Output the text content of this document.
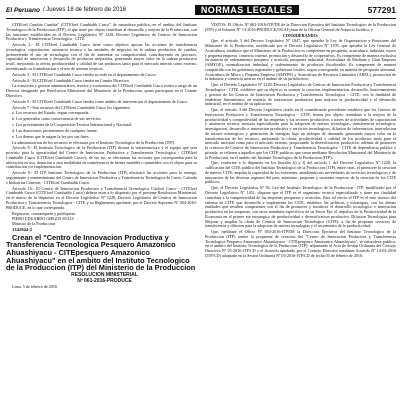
El Peruano / Jueves 18 de febrero de 2016	NORMAS LEGALES	577291

CITEfoel Cumbia Cumbia" (CITEfoel Cumbiabb Cusco" de naturaleza publica, en el ambito del Instituto Tecnologico de la Produccion (ITP), el que tiene por objeto contribuir al desarrollo y mejora de la Produccion, con las funciones establecidas en el Decreto Legislativo Nº 1228, Decreto Legislativo de Centros de Innovacion Productiva y Transferencia Tecnologica - CITE.

Articulo 2.- El CITEfoel Cumbiabb Cusco tiene como objetivo apoyar las acciones de transferencia tecnologica, capacitacion, asistencia tecnica a las unidades de negocios en la cadena productiva de cumbia, promoviendo el uso de tecnologias con el fin de aumentar su competitividad, contribuyendo en procesos, capacidad de innovacion y desarrollo de productos mejorados, generando mayor valor en la cadena productiva textil, mejorando la oferta, productividad y calidad de sus productos tanto para el mercado interno como externo, incentivando su formalizacion y el uso de normas tecnicas.

Articulo 3.- El CITEfoel Cumbiabb Cusco tendra su sede en el departamento de Cusco.

Articulo 4.- El CITEfoel Cumbiabb Cusco tendra un Comite Directivo.

La estructura y gestion administrativa, tecnica y economica del CITEfoel Cumbiabb Cusco estara a cargo de un Director designado por Resolucion Ministerial del Ministerio de la Produccion, quien participara en el Comite Directivo.

Articulo 5.- El CITEfoel Cumbiabb Cusco tendra como ambito de intervencion el departamento de Cusco.

Articulo 7.- Son recursos del CITEfoel Cumbiabb Cusco los siguientes:

a. Los recursos del Estado, segun corresponda.

b. Los generados como consecuencia de sus servicios.

c. Los provenientes de la Cooperacion Tecnica Internacional y Nacional.

d. Las donaciones provenientes de cualquier fuente.

e. Los demas que le asigne la ley por sus fines.

La administracion de los recursos se efectuara por el Instituto Tecnologico de la Produccion (ITP).

Articulo 8.- El Instituto Tecnologico de la Produccion (ITP) dictara la infraestructura y el equipo que sera provisto para la operatividad del Centro de Innovacion Productiva y Transferencia Tecnologica - CITEfoel Cumbiabb Cusco (CITEfoel Cumbiabb Cusco); de ser asi, se efectuaran las acciones que correspondan para la afectacion en uso, donacion u otra modalidad de transferencia de bienes muebles o inmuebles con el objeto para su contribucion y/o implementacion.

Articulo 9.- El ITP Instituto Tecnologico de la Produccion (ITP) efectuara las acciones para la entrega, seguimiento y mantenimiento del Centro de Innovacion Productiva y Transferencia Tecnologica de Cuero, Calzado e Industrias Conexas - CITEfoel Cumbiabb Cusco.

Articulo 10.- El Centro de Innovacion Productiva y Transferencia Tecnologica Citefoel Cusco - CITEfoel Cumbiabb Cusco (CITEfoel Cumbiabb Cusco) debera estar a lo dispuesto por el presente Resolucion Ministerial, en el marco de lo dispuesto en el Decreto Legislativo Nº 1228, Decreto Legislativo de Centros de Innovacion Productiva y Transferencia Tecnologica - CITE y su Reglamento aprobado por el Decreto Supremo Nº 004-2016-PRODUCE, en lo que corresponda.

Registrese, comuniquese y publiquese.

PIERO EDUARDO GHEZZI SOLIS
Ministro de la Produccion

1342944-2

Crean el "Centro de Innovacion Productiva y Transferencia Tecnologica Pesquero Amazonico Ahuashiyacu - CITEpesquero Amazonico Ahuashiyacu" en el ambito del Instituto Tecnologico de la Produccion (ITP) del Ministerio de la Produccion

RESOLUCION MINISTERIAL

Nº 061-2016-PRODUCE

Lima, 5 de febrero de 2016

VISTOS: El Oficio Nº 063-2016-ITP/DE de la Direccion Ejecutiva del Instituto Tecnologico de la Produccion (ITP) y el Informe Nº 13-2016-PRODUCE/OGAJ-jfuan de la Oficina General de Asesoria Juridica, y

CONSIDERANDO:

Que, el articulo 3 del Decreto Legislativo Nº 1047, que aprueba la Ley de Organizacion y Funciones del Ministerio de la Produccion, modificado por el Decreto Legislativo Nº 1195, que aprueba la Ley General de Acuicultura, establece que el Ministerio de la Produccion es competente en pesqueria, acuicultura, industria, micro y pequena empresa, comercio interno, promocion y desarrollo de cooperativas. Es competente de manera exclusiva en materia de ordenamiento pesquero y acuicola, pesqueria industrial, Acuicultura de Mediana y Gran Empresa (AMYGE), normalizacion industrial y ordenamiento de productos fiscalizados. Es competente de manera compartida con los gobiernos regionales y gobiernos locales, segun corresponda, en materia de pesqueria artesanal, Acuicultura de Micro y Pequena Empresa (AMYPE) y Acuicultura de Recursos Limitados (AREL), promocion de la industria y comercio interno en el ambito de su jurisdiccion;

Que, el Decreto Legislativo Nº 1228, Decreto Legislativo de Centros de Innovacion Productiva y Transferencia Tecnologica - CITE, establece que su objetivo es normar la creacion, implementacion, desarrollo, funcionamiento y gestion de los Centros de Innovacion Productiva y Transferencia Tecnologica - CITE, con la finalidad de establecer lineamientos en materia de innovacion productiva para mejorar la productividad y el desarrollo industrial, en el ambito de su aplicacion;

Que, el articulo 3 del Decreto Legislativo citado en el considerando precedente establece que los Centros de Innovacion Productiva y Transferencia Tecnologica - CITE, tienen por objeto contribuir a la mejora de la productividad y competitividad de las empresas y los sectores productivos a traves de actividades de capacitacion y asistencia tecnica, asesoria especializada para la adopcion de nuevas tecnologias, transferencia tecnologica, investigacion, desarrollo e innovacion productiva y servicios tecnologicos, difusion de informacion, interrelacion de actores estrategicos y generacion de sinergias bajo un enfoque de demanda, generando mayor valor en la transformacion de los recursos, mejorando la oferta, productividad y calidad de los productos tanto para el mercado nacional como para el mercado externo, propiciando la diversificacion productiva; ademas de promover la creacion de Centros de Innovacion Productiva y Transferencia Tecnologica - CITE de dependencia publica o privada, se refieren a aquellos que los CITE publicos que crean mediante Resolucion Ministerial del Ministerio de la Produccion, en el ambito del Instituto Tecnologico de la Produccion (ITP);

Que, conforme a lo dispuesto en los literales b) y f) del articulo 1 del Decreto Legislativo Nº 1228, la calificacion del CITE publico del Instituto Tecnologico de la Produccion (ITP), entre otras, el promover la creacion de nuevos CITE; ampliar la capacidad de los existentes, atendiendo sus necesidades de servicios tecnologicos y de innovacion de las diversas regiones del pais; asimismo, proponer y sustentar respecto de la creacion de los CITE publicos;

Que, el Decreto Legislativo Nº 92, Ley del Instituto Tecnologico de la Produccion - ITP, modificado por el Decreto Legislativo Nº 1451, dispone que el ITP es el organismo tecnico especializado y tiene por finalidad contribuir a la competitividad de las empresas pesqueras y acuicolas. Para tal efecto el ITP es el ente tecnico del sistema de CITE que desarrolla e implementa los CITE, establece las politicas y estrategias, con las demas entidades que resulten competentes con el fin de promover y fortalecer el desarrollo tecnologico e innovacion productiva en las empresas, con otros mandatos especificos de su Tercer Eje, el impulsor de la Productividad de la Economia en el primer eje estrategico de productividad y diversificacion productiva. Difusion Tecnologica para Mejorar y ampliar la oferta de Centros de Innovacion Tecnologica (CITE), a fin de proponer servicios de transferencia y difusion para la adopcion de nuevas tecnologias y el incremento de la productividad;

Que, mediante el Oficio Nº 063-2016-ITP/DE la Direccion Ejecutiva del Instituto Tecnologico de la Produccion (ITP) remite la propuesta de creacion del "Centro de Innovacion Productiva y Transferencia Tecnologica Pesquero Amazonico Ahuashiyacu - CITEpesquero Amazonico Ahuashiyacu", se naturaleza publica, en el ambito del Instituto Tecnologico de la Produccion (ITP); adjuntando el Acta de Sesion Ordinaria del Consejo Directivo Nº 03-2016-ITP/CD y el Acuerdo aprobado por el Consejo Directivo mediante Acuerdo Nº 14-03-2016 (ITP/CD) adoptado en la Sesion Ordinaria Nº 03-2016-ITP/CD de fecha 03 de febrero de 2016;
